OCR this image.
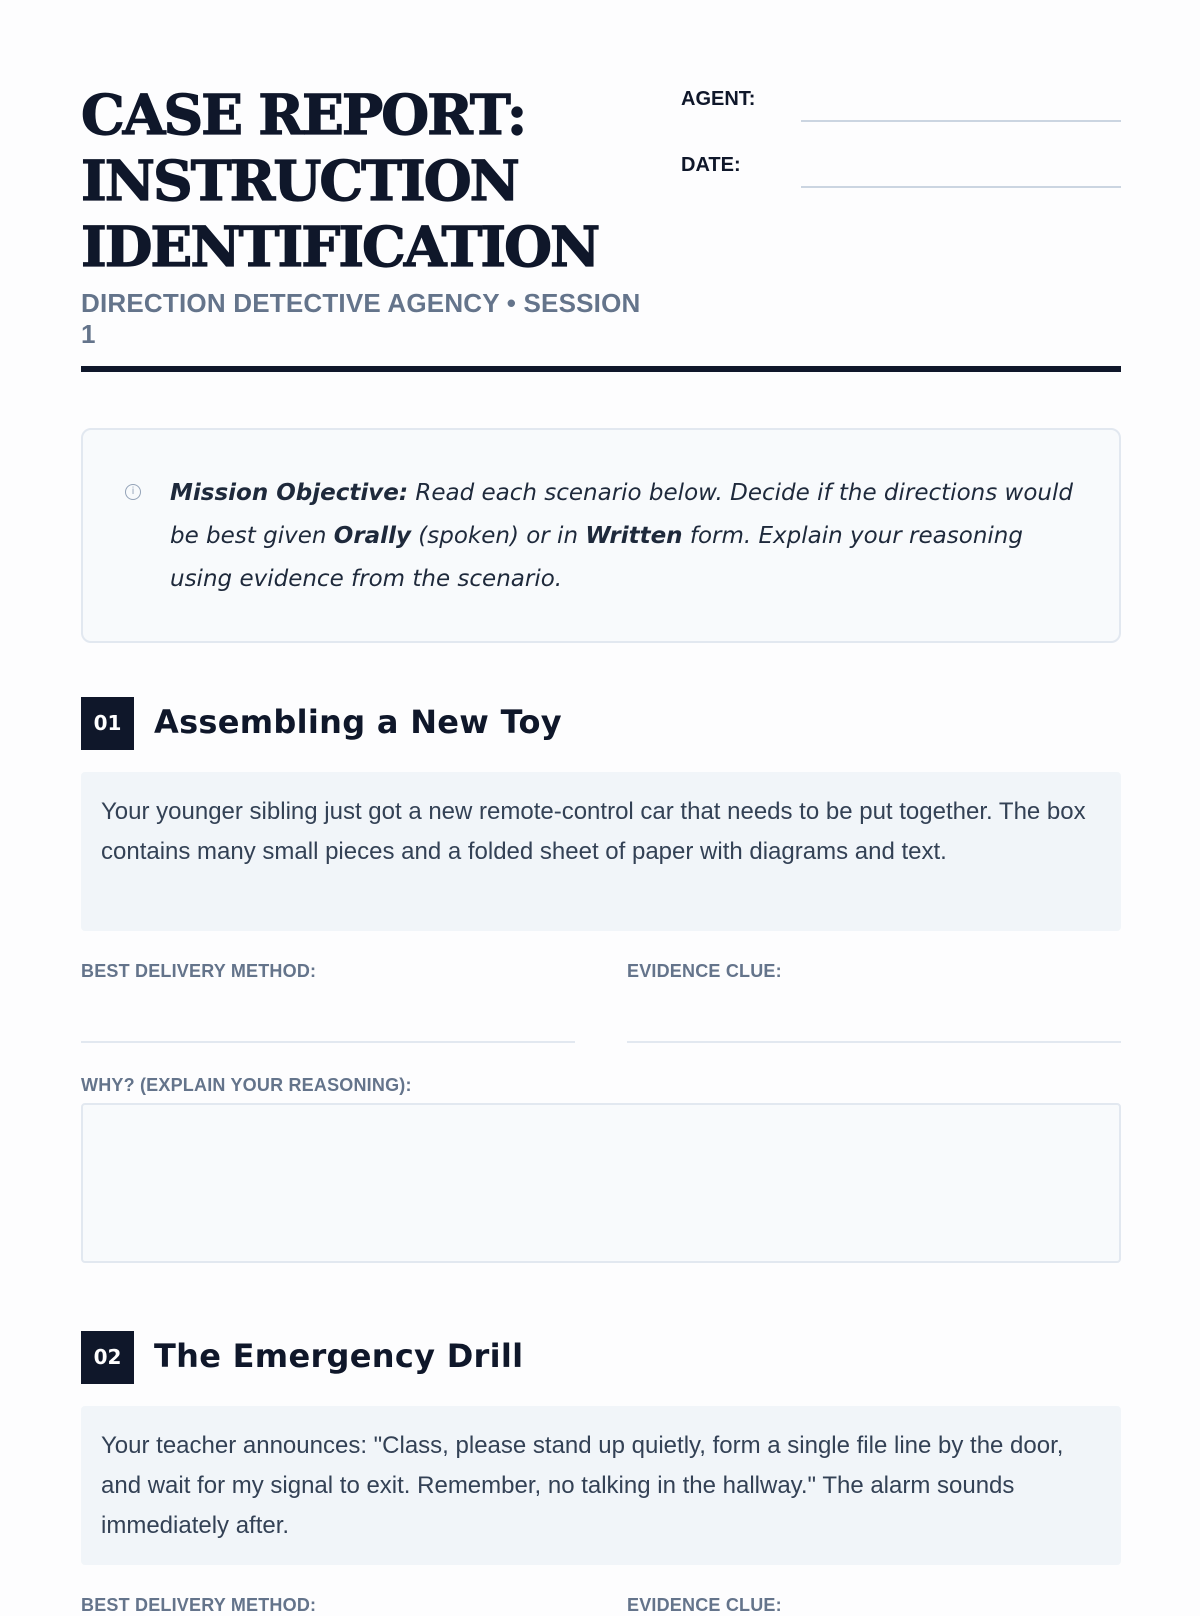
CASE REPORT:
INSTRUCTION
IDENTIFICATION
DIRECTION DETECTIVE AGENCY • SESSION 1
AGENT:
DATE:
i Mission Objective: Read each scenario below. Decide if the directions would be best given Orally (spoken) or in Written form. Explain your reasoning using evidence from the scenario.
01	Assembling a New Toy
Your younger sibling just got a new remote-control car that needs to be put together. The box contains many small pieces and a folded sheet of paper with diagrams and text.
BEST DELIVERY METHOD:	EVIDENCE CLUE:
WHY? (EXPLAIN YOUR REASONING):
02	The Emergency Drill
Your teacher announces: "Class, please stand up quietly, form a single file line by the door, and wait for my signal to exit. Remember, no talking in the hallway." The alarm sounds immediately after.
BEST DELIVERY METHOD:	EVIDENCE CLUE:
